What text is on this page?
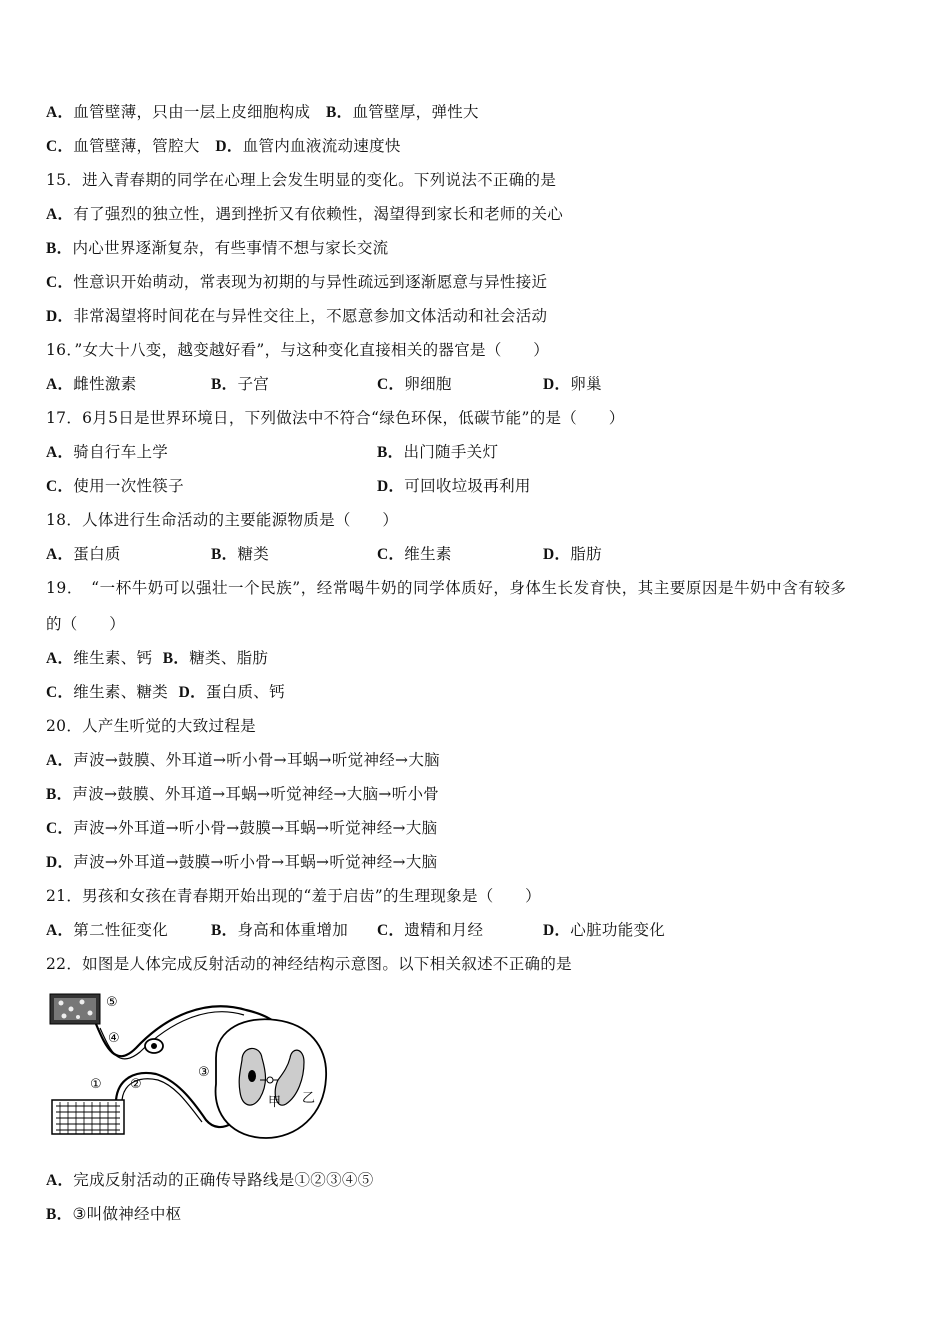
A．血管壁薄，只由一层上皮细胞构成 B．血管壁厚，弹性大
C．血管壁薄，管腔大 D．血管内血液流动速度快
15．进入青春期的同学在心理上会发生明显的变化。下列说法不正确的是
A．有了强烈的独立性，遇到挫折又有依赖性，渴望得到家长和老师的关心
B．内心世界逐渐复杂，有些事情不想与家长交流
C．性意识开始萌动，常表现为初期的与异性疏远到逐渐愿意与异性接近
D．非常渴望将时间花在与异性交往上，不愿意参加文体活动和社会活动
16．”女大十八变，越变越好看”，与这种变化直接相关的器官是（　　）
A．雌性激素	B．子宫	C．卵细胞	D．卵巢
17．6月5日是世界环境日，下列做法中不符合“绿色环保，低碳节能”的是（　　）
A．骑自行车上学	B．出门随手关灯
C．使用一次性筷子	D．可回收垃圾再利用
18．人体进行生命活动的主要能源物质是（　　）
A．蛋白质	B．糖类	C．维生素	D．脂肪
19．　“一杯牛奶可以强壮一个民族”，经常喝牛奶的同学体质好，身体生长发育快，其主要原因是牛奶中含有较多
的（　　）
A．维生素、钙 B．糖类、脂肪
C．维生素、糖类 D．蛋白质、钙
20．人产生听觉的大致过程是
A．声波→鼓膜、外耳道→听小骨→耳蜗→听觉神经→大脑
B．声波→鼓膜、外耳道→耳蜗→听觉神经→大脑→听小骨
C．声波→外耳道→听小骨→鼓膜→耳蜗→听觉神经→大脑
D．声波→外耳道→鼓膜→听小骨→耳蜗→听觉神经→大脑
21．男孩和女孩在青春期开始出现的“羞于启齿”的生理现象是（　　）
A．第二性征变化	B．身高和体重增加 C．遗精和月经	D．心脏功能变化
22．如图是人体完成反射活动的神经结构示意图。以下相关叙述不正确的是
⑤
④
① ②
③
甲 乙
A．完成反射活动的正确传导路线是①②③④⑤
B．③叫做神经中枢
